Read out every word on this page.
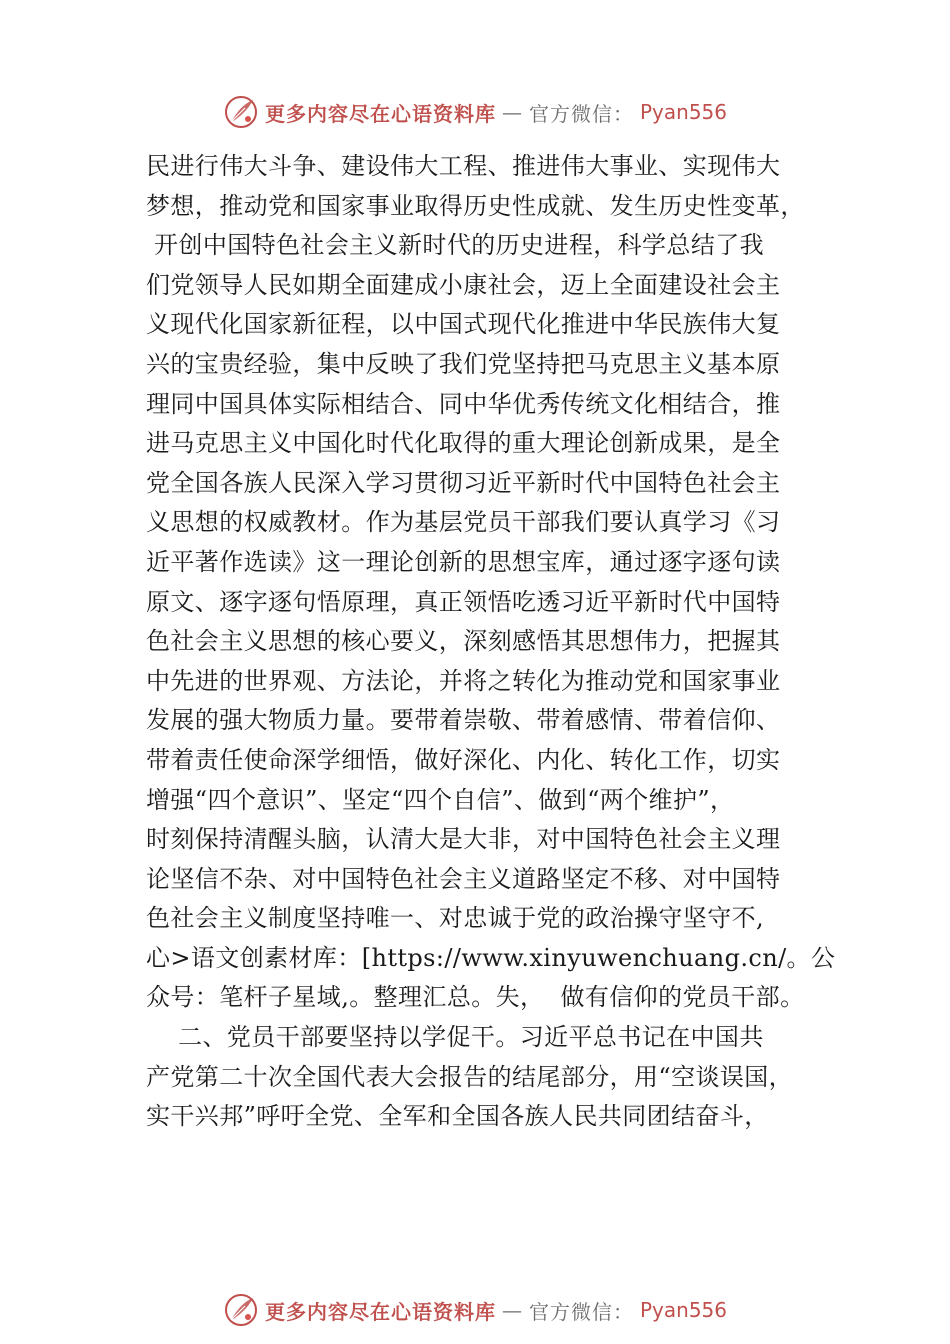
更多内容尽在心语资料库 — 官方微信： Pyan556
民进行伟大斗争、建设伟大工程、推进伟大事业、实现伟大
梦想，推动党和国家事业取得历史性成就、发生历史性变革，
开创中国特色社会主义新时代的历史进程，科学总结了我
们党领导人民如期全面建成小康社会，迈上全面建设社会主
义现代化国家新征程，以中国式现代化推进中华民族伟大复
兴的宝贵经验，集中反映了我们党坚持把马克思主义基本原
理同中国具体实际相结合、同中华优秀传统文化相结合，推
进马克思主义中国化时代化取得的重大理论创新成果，是全
党全国各族人民深入学习贯彻习近平新时代中国特色社会主
义思想的权威教材。作为基层党员干部我们要认真学习《习
近平著作选读》这一理论创新的思想宝库，通过逐字逐句读
原文、逐字逐句悟原理，真正领悟吃透习近平新时代中国特
色社会主义思想的核心要义，深刻感悟其思想伟力，把握其
中先进的世界观、方法论，并将之转化为推动党和国家事业
发展的强大物质力量。要带着崇敬、带着感情、带着信仰、
带着责任使命深学细悟，做好深化、内化、转化工作，切实
增强“四个意识”、坚定“四个自信”、做到“两个维护”，
时刻保持清醒头脑，认清大是大非，对中国特色社会主义理
论坚信不杂、对中国特色社会主义道路坚定不移、对中国特
色社会主义制度坚持唯一、对忠诚于党的政治操守坚守不,
心>语文创素材库：[https://www.xinyuwenchuang.cn/。公
众号：笔杆子星域,。整理汇总。失，  做有信仰的党员干部。
二、党员干部要坚持以学促干。习近平总书记在中国共
产党第二十次全国代表大会报告的结尾部分，用“空谈误国，
实干兴邦”呼吁全党、全军和全国各族人民共同团结奋斗，
更多内容尽在心语资料库 — 官方微信： Pyan556
